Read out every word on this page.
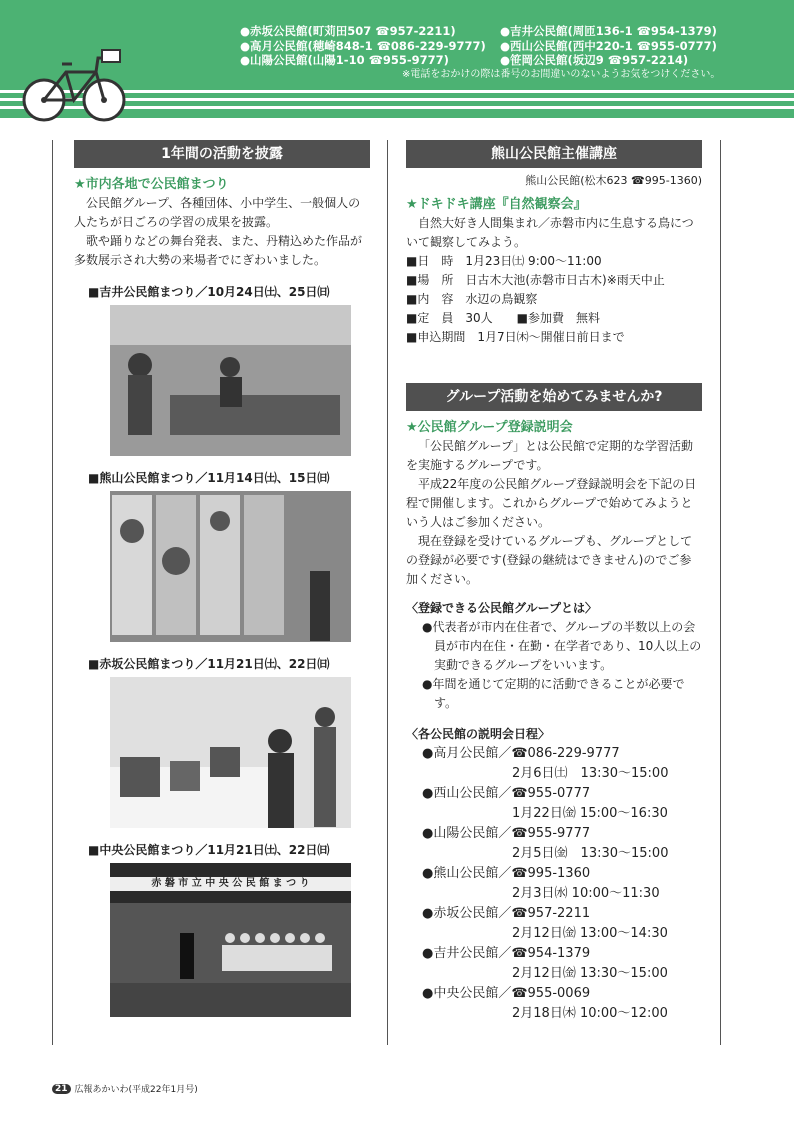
●赤坂公民館(町苅田507 ☎957-2211)	●吉井公民館(周匝136-1 ☎954-1379)
●高月公民館(穂崎848-1 ☎086-229-9777)	●西山公民館(西中220-1 ☎955-0777)
●山陽公民館(山陽1-10 ☎955-9777)	●笹岡公民館(坂辺9 ☎957-2214)
※電話をおかけの際は番号のお間違いのないようお気をつけください。
1年間の活動を披露
★市内各地で公民館まつり

公民館グループ、各種団体、小中学生、一般個人の人たちが日ごろの学習の成果を披露。

歌や踊りなどの舞台発表、また、丹精込めた作品が多数展示され大勢の来場者でにぎわいました。

■吉井公民館まつり／10月24日㈯、25日㈰
■熊山公民館まつり／11月14日㈯、15日㈰
■赤坂公民館まつり／11月21日㈯、22日㈰
■中央公民館まつり／11月21日㈯、22日㈰
赤 磐 市 立 中 央 公 民 館 ま つ り
熊山公民館主催講座
熊山公民館(松木623 ☎995-1360)
★ドキドキ講座『自然観察会』

自然大好き人間集まれ／赤磐市内に生息する鳥について観察してみよう。

■日　時　1月23日㈯ 9:00～11:00
■場　所　日古木大池(赤磐市日古木)※雨天中止
■内　容　水辺の鳥観察
■定　員　30人　　■参加費　無料
■申込期間　1月7日㈭～開催日前日まで
グループ活動を始めてみませんか?
★公民館グループ登録説明会

「公民館グループ」とは公民館で定期的な学習活動を実施するグループです。

平成22年度の公民館グループ登録説明会を下記の日程で開催します。これからグループで始めてみようという人はご参加ください。

現在登録を受けているグループも、グループとしての登録が必要です(登録の継続はできません)のでご参加ください。

〈登録できる公民館グループとは〉
●代表者が市内在住者で、グループの半数以上の会員が市内在住・在勤・在学者であり、10人以上の実動できるグループをいいます。
●年間を通じて定期的に活動できることが必要です。
〈各公民館の説明会日程〉
●高月公民館／☎086-229-9777
2月6日㈯　13:30～15:00
●西山公民館／☎955-0777
1月22日㈮ 15:00～16:30
●山陽公民館／☎955-9777
2月5日㈮　13:30～15:00
●熊山公民館／☎995-1360
2月3日㈬ 10:00～11:30
●赤坂公民館／☎957-2211
2月12日㈮ 13:00～14:30
●吉井公民館／☎954-1379
2月12日㈮ 13:30～15:00
●中央公民館／☎955-0069
2月18日㈭ 10:00～12:00
21 広報あかいわ(平成22年1月号)
